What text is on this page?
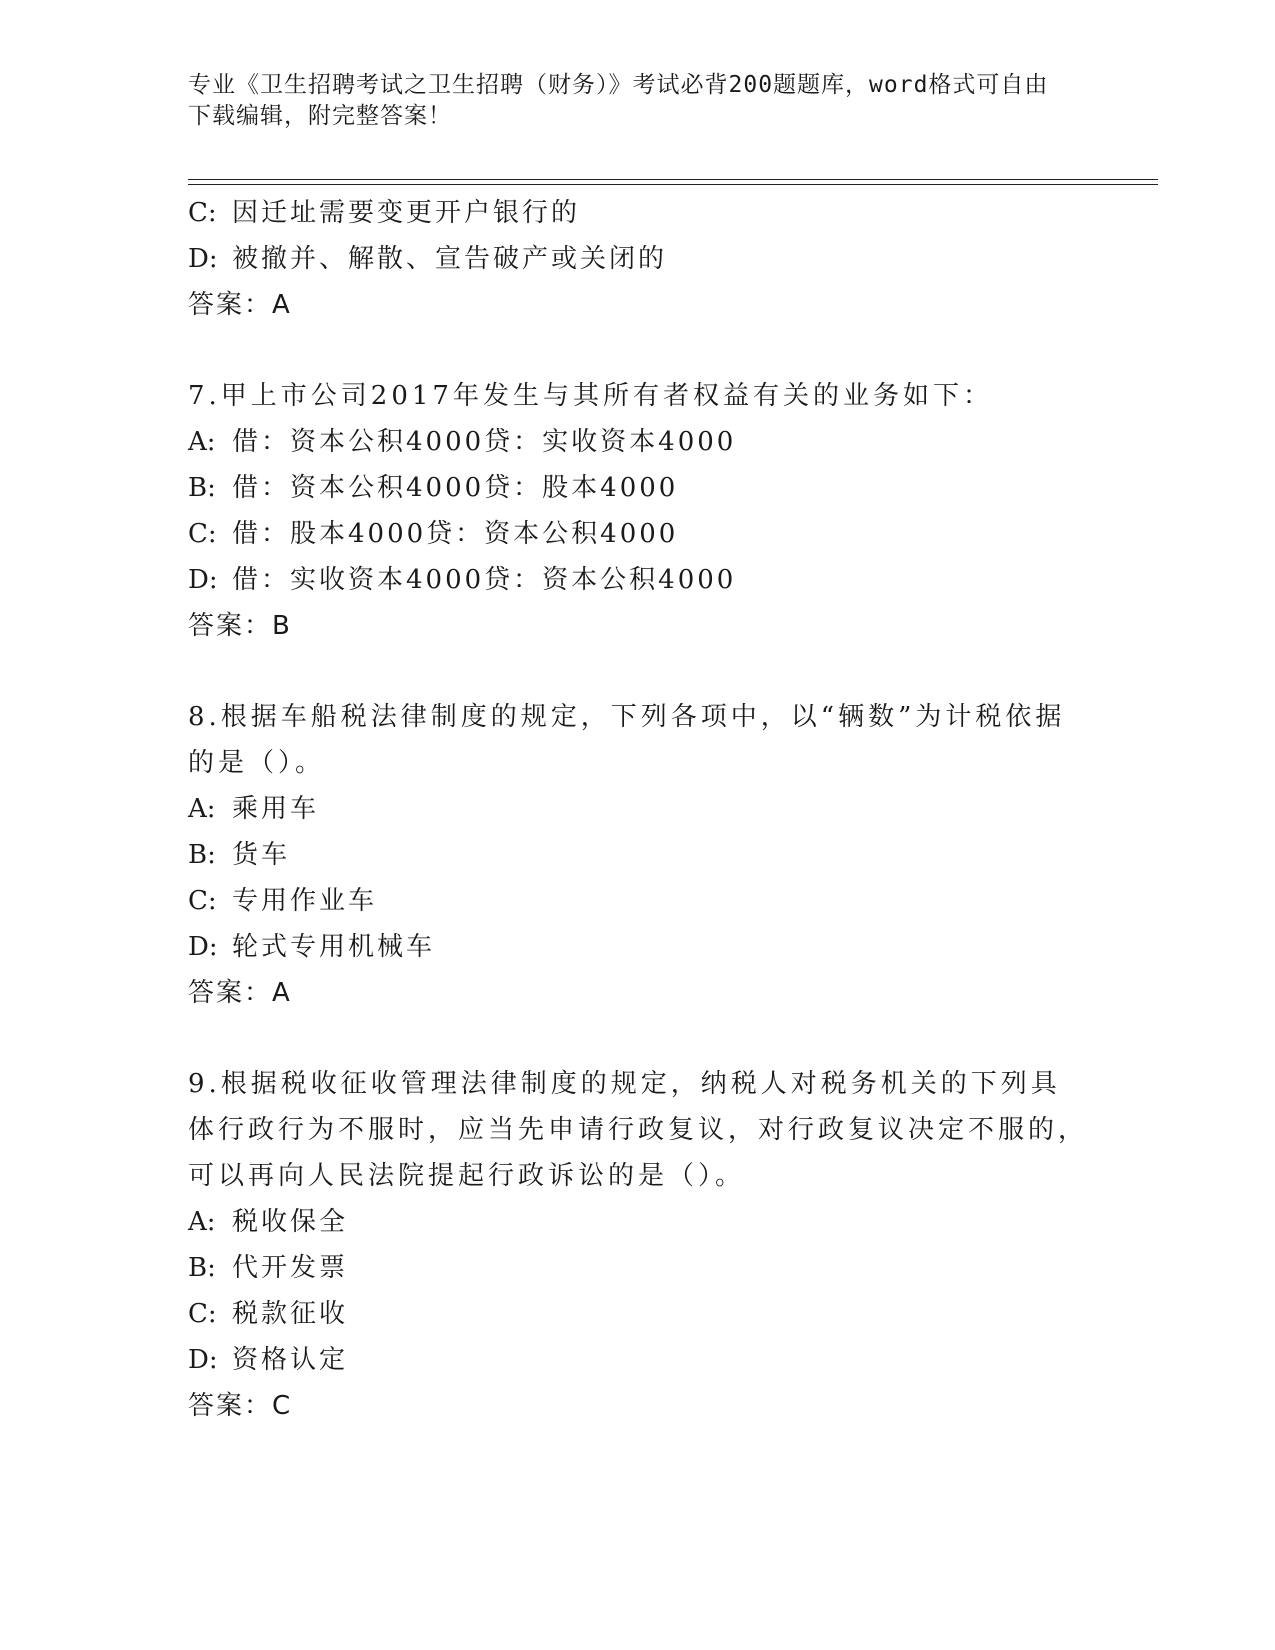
专业《卫生招聘考试之卫生招聘（财务）》考试必背200题题库，word格式可自由下载编辑，附完整答案！
C: 因迁址需要变更开户银行的
D: 被撤并、解散、宣告破产或关闭的
答案：A
7.甲上市公司2017年发生与其所有者权益有关的业务如下：
A: 借：资本公积4000贷：实收资本4000
B: 借：资本公积4000贷：股本4000
C: 借：股本4000贷：资本公积4000
D: 借：实收资本4000贷：资本公积4000
答案：B
8.根据车船税法律制度的规定，下列各项中，以“辆数”为计税依据的是（）。
A: 乘用车
B: 货车
C: 专用作业车
D: 轮式专用机械车
答案：A
9.根据税收征收管理法律制度的规定，纳税人对税务机关的下列具体行政行为不服时，应当先申请行政复议，对行政复议决定不服的，可以再向人民法院提起行政诉讼的是（）。
A: 税收保全
B: 代开发票
C: 税款征收
D: 资格认定
答案：C
